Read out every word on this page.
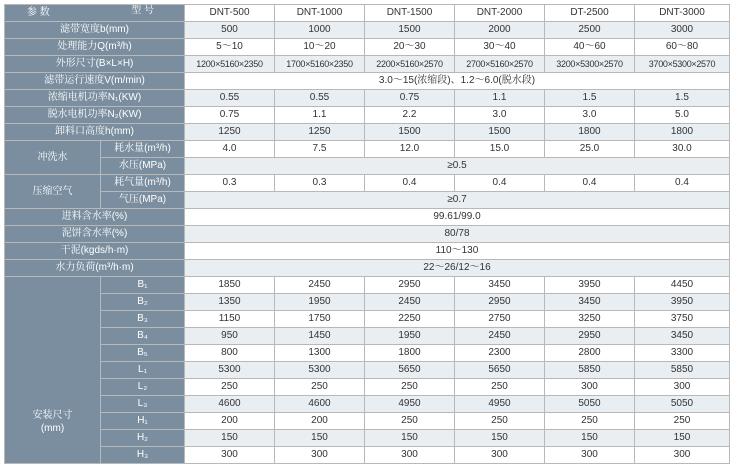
参 数 型 号		DNT-500	DNT-1000	DNT-1500	DNT-2000	DT-2500	DNT-3000
滤带宽度b(mm)		500	1000	1500	2000	2500	3000
处理能力Q(m³/h)		5～10	10～20	20～30	30～40	40～60	60～80
外形尺寸(B×L×H)		1200×5160×2350	1700×5160×2350	2200×5160×2570	2700×5160×2570	3200×5300×2570	3700×5300×2570
滤带运行速度V(m/min)		3.0～15(浓缩段)、1.2～6.0(脱水段)					
浓缩电机功率N₁(KW)		0.55	0.55	0.75	1.1	1.5	1.5
脱水电机功率N₂(KW)		0.75	1.1	2.2	3.0	3.0	5.0
卸料口高度h(mm)		1250	1250	1500	1500	1800	1800
冲洗水	耗水量(m³/h)	4.0	7.5	12.0	15.0	25.0	30.0
	水压(MPa)	≥0.5					
压缩空气	耗气量(m³/h)	0.3	0.3	0.4	0.4	0.4	0.4
	气压(MPa)	≥0.7					
进料含水率(%)		99.61/99.0					
泥饼含水率(%)		80/78					
干泥(kgds/h·m)		110～130					
水力负荷(m³/h·m)		22～26/12～16					

安装尺寸
(mm)	B₁	1850	2450	2950	3450	3950	4450
	B₂	1350	1950	2450	2950	3450	3950
	B₃	1150	1750	2250	2750	3250	3750
	B₄	950	1450	1950	2450	2950	3450
	B₅	800	1300	1800	2300	2800	3300
	L₁	5300	5300	5650	5650	5850	5850
	L₂	250	250	250	250	300	300
	L₃	4600	4600	4950	4950	5050	5050
	H₁	200	200	250	250	250	250
	H₂	150	150	150	150	150	150
	H₃	300	300	300	300	300	300
